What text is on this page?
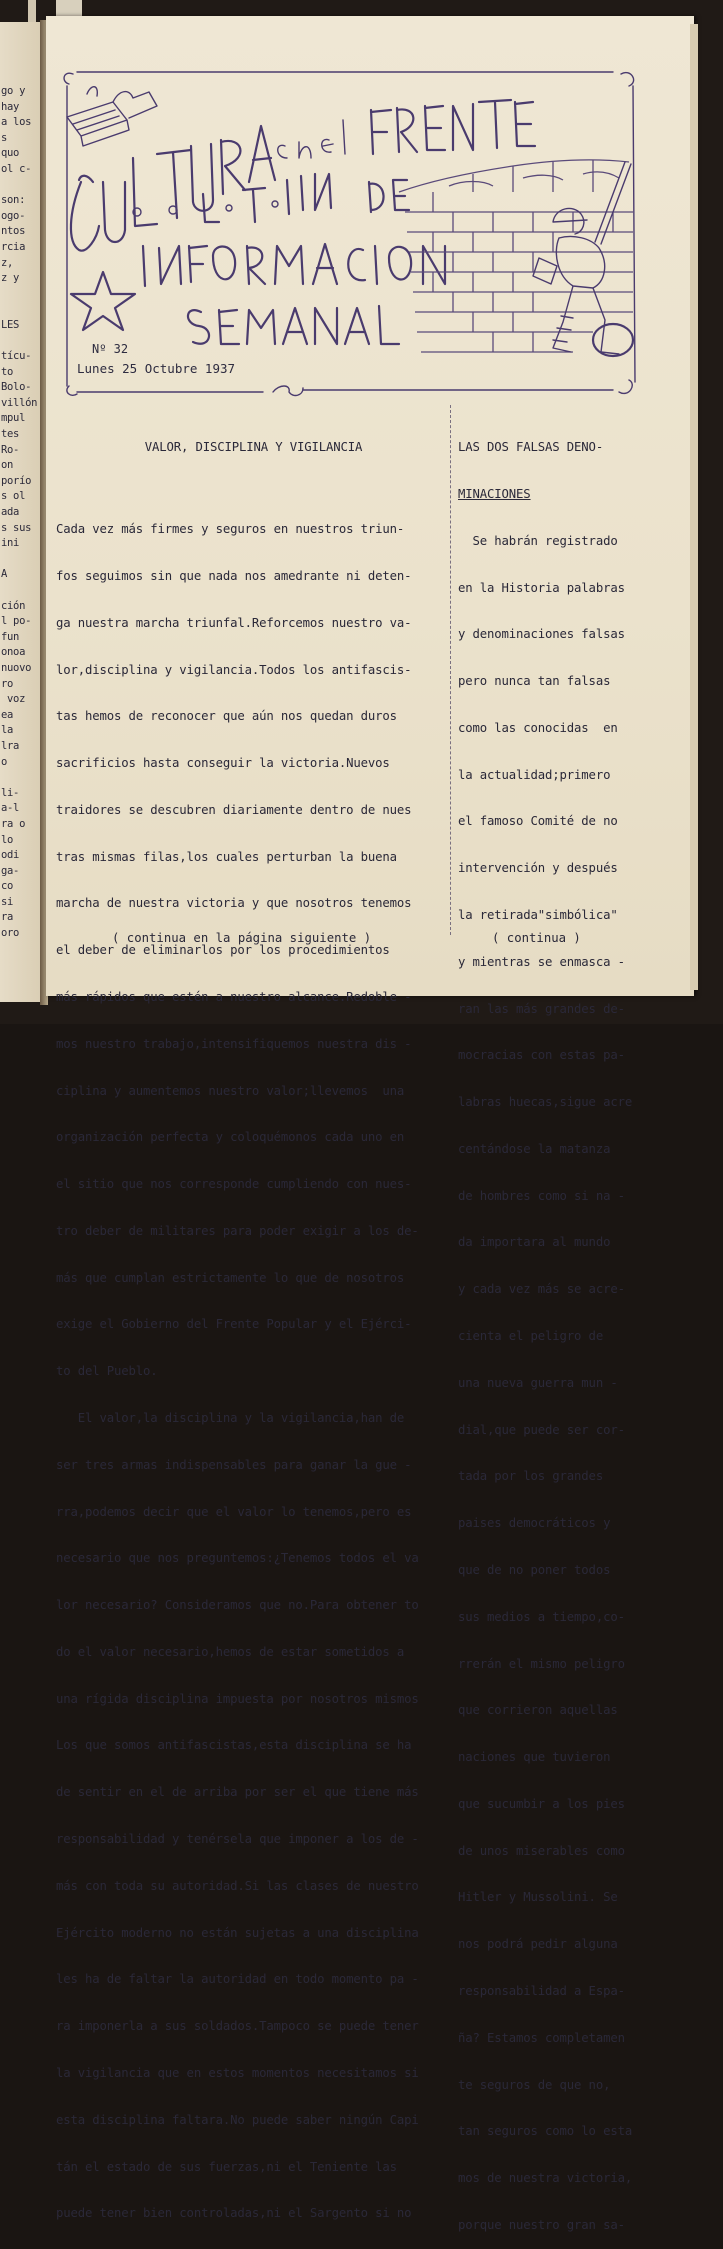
go y
hay
a los
s
quo
ol c-

son:
ogo-
ntos
rcia
z,
z y

LES

tícu-
to
Bolo-
villón
mpul
tes
Ro-
on
porío
s ol
ada
s sus
ini

A

ción
l po-
fun
onoa
nuovo
ro
voz
ea
la
lra
o

li-
a-l
ra o
lo
odi
ga-
co
si
ra
oro
Nº 32
Lunes 25 Octubre 1937

VALOR, DISCIPLINA Y VIGILANCIA

Cada vez más firmes y seguros en nuestros triun-

fos seguimos sin que nada nos amedrante ni deten-

ga nuestra marcha triunfal.Reforcemos nuestro va-

lor,disciplina y vigilancia.Todos los antifascis-

tas hemos de reconocer que aún nos quedan duros

sacrificios hasta conseguir la victoria.Nuevos

traidores se descubren diariamente dentro de nues

tras mismas filas,los cuales perturban la buena

marcha de nuestra victoria y que nosotros tenemos

el deber de eliminarlos por los procedimientos

más rápidos que estén a nuestro alcance.Redoble -

mos nuestro trabajo,intensifiquemos nuestra dis -

ciplina y aumentemos nuestro valor;llevemos  una

organización perfecta y coloquémonos cada uno en

el sitio que nos corresponde cumpliendo con nues-

tro deber de militares para poder exigir a los de-

más que cumplan estrictamente lo que de nosotros

exige el Gobierno del Frente Popular y el Ejérci-

to del Pueblo.

El valor,la disciplina y la vigilancia,han de

ser tres armas indispensables para ganar la gue -

rra,podemos decir que el valor lo tenemos,pero es

necesario que nos preguntemos:¿Tenemos todos el va

lor necesario? Consideramos que no.Para obtener to

do el valor necesario,hemos de estar sometidos a

una rígida disciplina impuesta por nosotros mismos

Los que somos antifascistas,esta disciplina se ha

de sentir en el de arriba por ser el que tiene más

responsabilidad y tenérsela que imponer a los de -

más con toda su autoridad.Si las clases de nuestro

Ejército moderno no están sujetas a una disciplina

les ha de faltar la autoridad en todo momento pa -

ra imponerla a sus soldados.Tampoco se puede tener

la vigilancia que en estos momentos necesitamos si

esta disciplina faltara.No puede saber ningún Capi

tán el estado de sus fuerzas,ni el Teniente las

puede tener bien controladas,ni el Sargento si no

( continua en la página siguiente )

LAS DOS FALSAS DENO-

MINACIONES

Se habrán registrado

en la Historia palabras

y denominaciones falsas

pero nunca tan falsas

como las conocidas  en

la actualidad;primero

el famoso Comité de no

intervención y después

la retirada"simbólica"

y mientras se enmasca -

ran las más grandes de-

mocracias con estas pa-

labras huecas,sigue acre

centándose la matanza

de hombres como si na -

da importara al mundo

y cada vez más se acre-

cienta el peligro de

una nueva guerra mun -

dial,que puede ser cor-

tada por los grandes

paises democráticos y

que de no poner todos

sus medios a tiempo,co-

rrerán el mismo peligro

que corrieron aquellas

naciones que tuvieron

que sucumbir a los pies

de unos miserables como

Hitler y Mussolini. Se

nos podrá pedir alguna

responsabilidad a Espa-

ña? Estamos completamen

te seguros de que no,

tan seguros como lo esta

mos de nuestra victoria,

porque nuestro gran sa-

( continua )
